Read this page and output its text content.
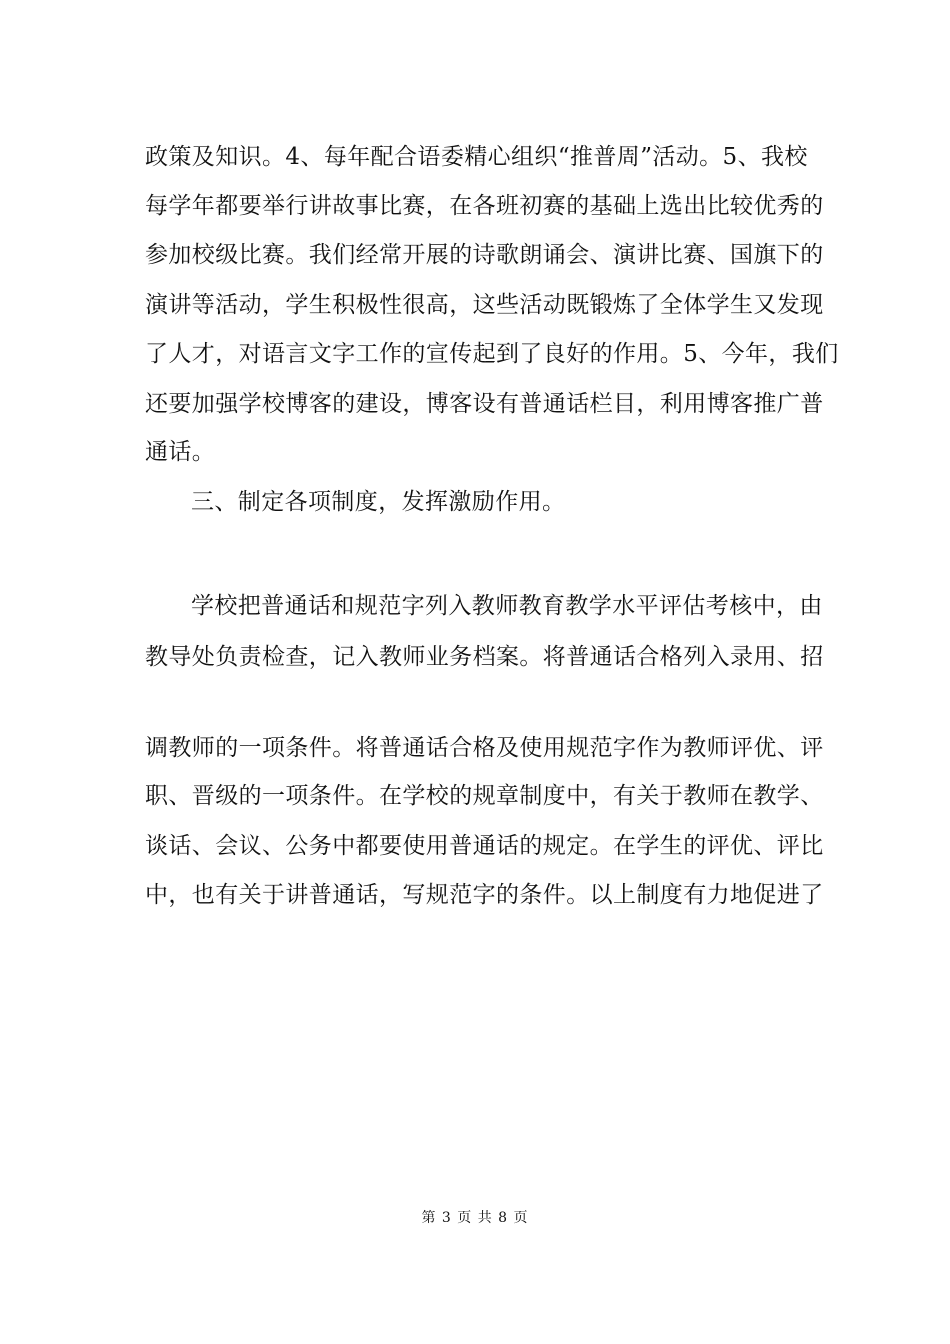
政策及知识。4、每年配合语委精心组织“推普周”活动。5、我校
每学年都要举行讲故事比赛，在各班初赛的基础上选出比较优秀的
参加校级比赛。我们经常开展的诗歌朗诵会、演讲比赛、国旗下的
演讲等活动，学生积极性很高，这些活动既锻炼了全体学生又发现
了人才，对语言文字工作的宣传起到了良好的作用。5、今年，我们
还要加强学校博客的建设，博客设有普通话栏目，利用博客推广普
通话。
三、制定各项制度，发挥激励作用。
学校把普通话和规范字列入教师教育教学水平评估考核中，由
教导处负责检查，记入教师业务档案。将普通话合格列入录用、招
调教师的一项条件。将普通话合格及使用规范字作为教师评优、评
职、晋级的一项条件。在学校的规章制度中，有关于教师在教学、
谈话、会议、公务中都要使用普通话的规定。在学生的评优、评比
中，也有关于讲普通话，写规范字的条件。以上制度有力地促进了
第 3 页 共 8 页
